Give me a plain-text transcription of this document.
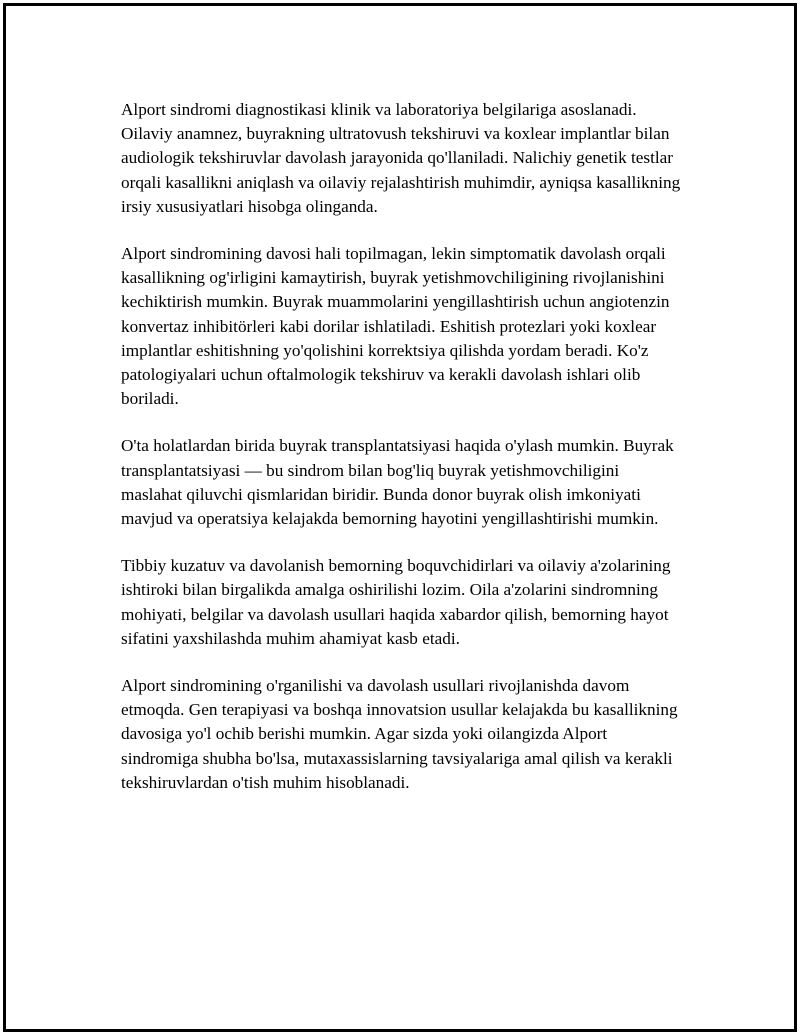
Alport sindromi diagnostikasi klinik va laboratoriya belgilariga asoslanadi. Oilaviy anamnez, buyrakning ultratovush tekshiruvi va koxlear implantlar bilan audiologik tekshiruvlar davolash jarayonida qo'llaniladi. Nalichiy genetik testlar orqali kasallikni aniqlash va oilaviy rejalashtirish muhimdir, ayniqsa kasallikning irsiy xususiyatlari hisobga olinganda.

Alport sindromining davosi hali topilmagan, lekin simptomatik davolash orqali kasallikning og'irligini kamaytirish, buyrak yetishmovchiligining rivojlanishini kechiktirish mumkin. Buyrak muammolarini yengillashtirish uchun angiotenzin konvertaz inhibitörleri kabi dorilar ishlatiladi. Eshitish protezlari yoki koxlear implantlar eshitishning yo'qolishini korrektsiya qilishda yordam beradi. Ko'z patologiyalari uchun oftalmologik tekshiruv va kerakli davolash ishlari olib boriladi.

O'ta holatlardan birida buyrak transplantatsiyasi haqida o'ylash mumkin. Buyrak transplantatsiyasi — bu sindrom bilan bog'liq buyrak yetishmovchiligini maslahat qiluvchi qismlaridan biridir. Bunda donor buyrak olish imkoniyati mavjud va operatsiya kelajakda bemorning hayotini yengillashtirishi mumkin.

Tibbiy kuzatuv va davolanish bemorning boquvchidirlari va oilaviy a'zolarining ishtiroki bilan birgalikda amalga oshirilishi lozim. Oila a'zolarini sindromning mohiyati, belgilar va davolash usullari haqida xabardor qilish, bemorning hayot sifatini yaxshilashda muhim ahamiyat kasb etadi.

Alport sindromining o'rganilishi va davolash usullari rivojlanishda davom etmoqda. Gen terapiyasi va boshqa innovatsion usullar kelajakda bu kasallikning davosiga yo'l ochib berishi mumkin. Agar sizda yoki oilangizda Alport sindromiga shubha bo'lsa, mutaxassislarning tavsiyalariga amal qilish va kerakli tekshiruvlardan o'tish muhim hisoblanadi.
